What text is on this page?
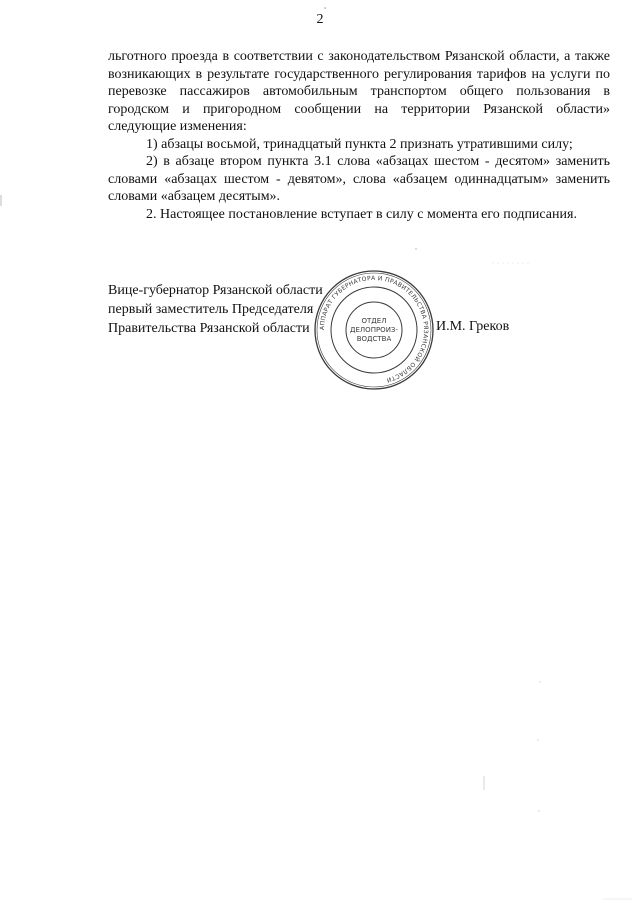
2

льготного проезда в соответствии с законодательством Рязанской области, а также возникающих в результате государственного регулирования тарифов на услуги по перевозке пассажиров автомобильным транспортом общего пользования в городском и пригородном сообщении на территории Рязанской области» следующие изменения:

1) абзацы восьмой, тринадцатый пункта 2 признать утратившими силу;

2) в абзаце втором пункта 3.1 слова «абзацах шестом - десятом» заменить словами «абзацах шестом - девятом», слова «абзацем одиннадцатым» заменить словами «абзацем десятым».

2. Настоящее постановление вступает в силу с момента его подписания.

Вице-губернатор Рязанской области
первый заместитель Председателя
Правительства Рязанской области	И.М. Греков
АППАРАТ ГУБЕРНАТОРА И ПРАВИТЕЛЬСТВА РЯЗАНСКОЙ ОБЛАСТИ
ОТДЕЛ
ДЕЛОПРОИЗ-
ВОДСТВА
